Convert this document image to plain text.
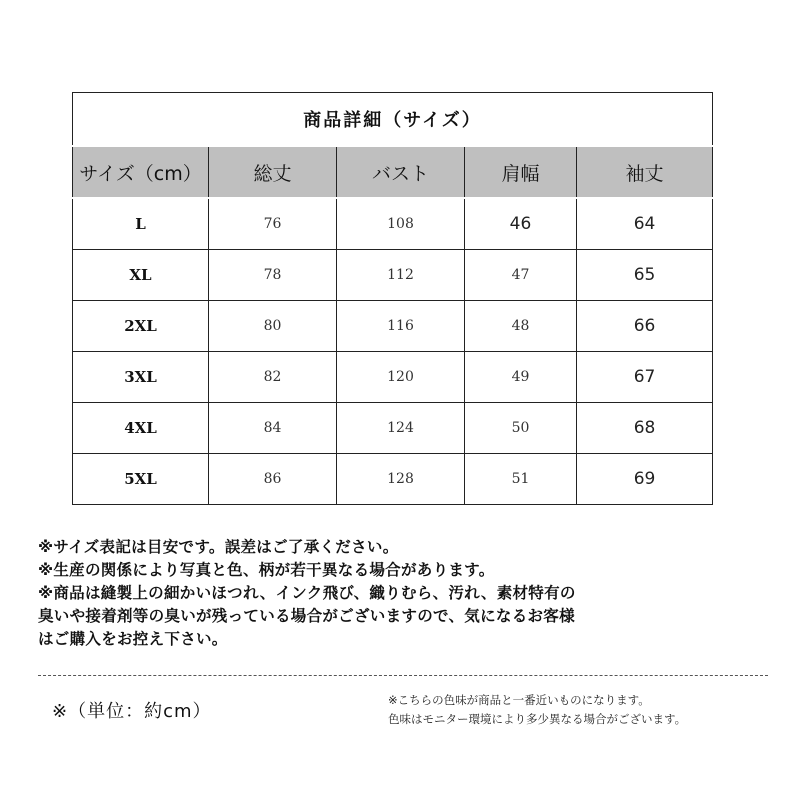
商品詳細（サイズ）				
サイズ（cm）	総丈	バスト	肩幅	袖丈
L	76	108	46	64
XL	78	112	47	65
2XL	80	116	48	66
3XL	82	120	49	67
4XL	84	124	50	68
5XL	86	128	51	69

※サイズ表記は目安です。誤差はご了承ください。

※生産の関係により写真と色、柄が若干異なる場合があります。

※商品は縫製上の細かいほつれ、インク飛び、織りむら、汚れ、素材特有の

臭いや接着剤等の臭いが残っている場合がございますので、気になるお客様

はご購入をお控え下さい。

※（単位：約cm）

※こちらの色味が商品と一番近いものになります。

色味はモニター環境により多少異なる場合がございます。
